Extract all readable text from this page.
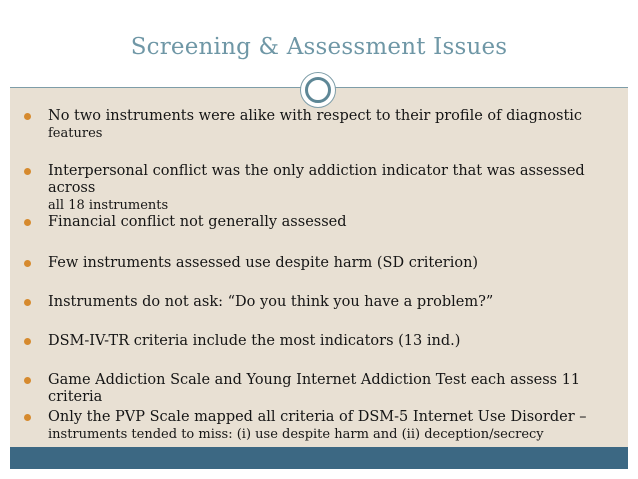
Screening & Assessment Issues
No two instruments were alike with respect to their profile of diagnostic
features
Interpersonal conflict was the only addiction indicator that was assessed across
all 18 instruments
Financial conflict not generally assessed
Few instruments assessed use despite harm (SD criterion)
Instruments do not ask: “Do you think you have a problem?”
DSM-IV-TR criteria include the most indicators (13 ind.)
Game Addiction Scale and Young Internet Addiction Test each assess 11 criteria
Only the PVP Scale mapped all criteria of DSM-5 Internet Use Disorder –
instruments tended to miss: (i) use despite harm and (ii) deception/secrecy
